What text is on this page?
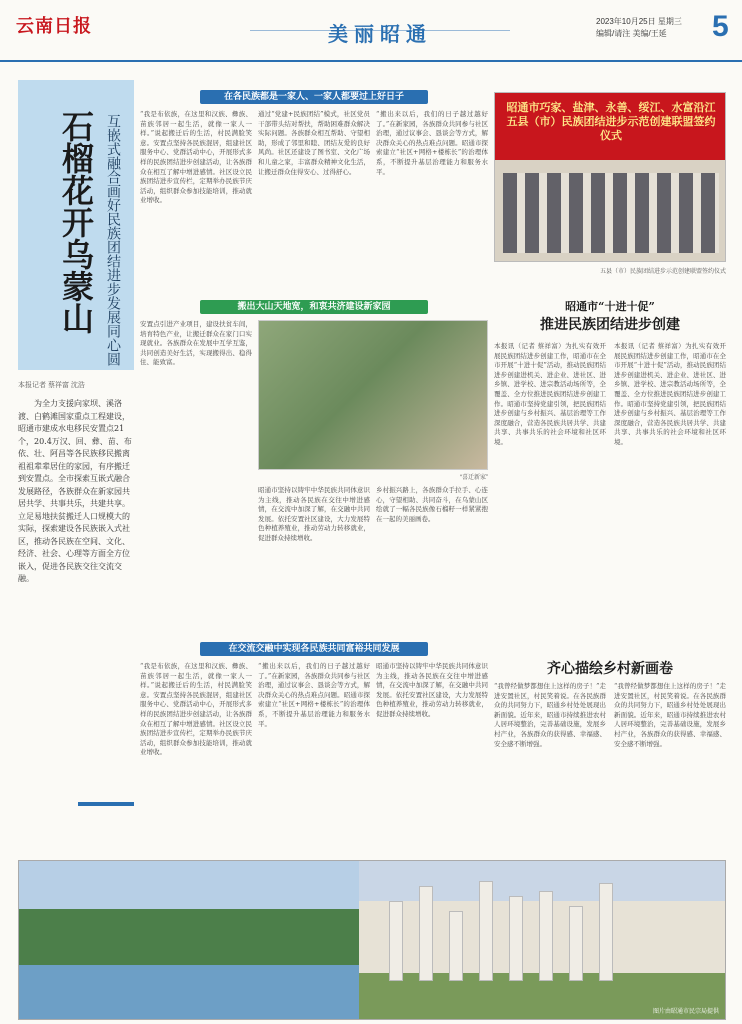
云南日报	美丽昭通
2023年10月25日 星期三
编辑/请注 美编/王延	5
石榴花开乌蒙山 互嵌式融合画好民族团结进步发展同心圆
本报记者 蔡祥富 沈浩
为全力支援向家坝、溪洛渡、白鹤滩国家重点工程建设，昭通市建成水电移民安置点21个，20.4万汉、回、彝、苗、布依、壮、阿昌等各民族移民搬离祖祖辈辈居住的家园，有序搬迁到安置点。全市探索互嵌式融合发展路径，各族群众在新家园共居共学、共事共乐，共建共享。立足易地扶贫搬迁人口规模大的实际，探索建设各民族嵌入式社区，推动各民族在空间、文化、经济、社会、心理等方面全方位嵌入，促进各民族交往交流交融。
在各民族都是一家人、一家人都要过上好日子
“我是布依族，在这里和汉族、彝族、苗族邻居一起生活，就像一家人一样。”说起搬迁后的生活，村民满脸笑意。安置点坚持各民族混居，组建社区服务中心、党群活动中心，开展形式多样的民族团结进步创建活动，让各族群众在相互了解中增进感情。社区设立民族团结进步宣传栏，定期举办民族节庆活动，组织群众参加技能培训，推动就业增收。
通过“党建+民族团结”模式，社区党员干部带头结对帮扶，帮助困难群众解决实际问题。各族群众相互帮助、守望相助，形成了邻里和睦、团结友爱的良好风尚。社区还建设了图书室、文化广场和儿童之家，丰富群众精神文化生活，让搬迁群众住得安心、过得舒心。
“搬出来以后，我们的日子越过越好了。”在新家园，各族群众共同参与社区治理，通过议事会、恳谈会等方式，解决群众关心的热点难点问题。昭通市探索建立“社区+网格+楼栋长”的治理体系，不断提升基层治理能力和服务水平。
搬出大山天地宽，和衷共济建设新家园
安置点引进产业项目，建设扶贫车间，培育特色产业，让搬迁群众在家门口实现就业。各族群众在发展中互学互鉴，共同创造美好生活，实现搬得出、稳得住、能致富。
“喜迁新家”
昭通市坚持以铸牢中华民族共同体意识为主线，推动各民族在交往中增进感情，在交流中加深了解，在交融中共同发展。依托安置社区建设，大力发展特色种植养殖业，推动劳动力转移就业，促进群众持续增收。
乡村振兴路上，各族群众手拉手、心连心，守望相助、共同奋斗，在乌蒙山区绘就了一幅各民族像石榴籽一样紧紧抱在一起的美丽画卷。
在交流交融中实现各民族共同富裕共同发展
“我是布依族，在这里和汉族、彝族、苗族邻居一起生活，就像一家人一样。”说起搬迁后的生活，村民满脸笑意。安置点坚持各民族混居，组建社区服务中心、党群活动中心，开展形式多样的民族团结进步创建活动，让各族群众在相互了解中增进感情。社区设立民族团结进步宣传栏，定期举办民族节庆活动，组织群众参加技能培训，推动就业增收。
“搬出来以后，我们的日子越过越好了。”在新家园，各族群众共同参与社区治理，通过议事会、恳谈会等方式，解决群众关心的热点难点问题。昭通市探索建立“社区+网格+楼栋长”的治理体系，不断提升基层治理能力和服务水平。
昭通市坚持以铸牢中华民族共同体意识为主线，推动各民族在交往中增进感情，在交流中加深了解，在交融中共同发展。依托安置社区建设，大力发展特色种植养殖业，推动劳动力转移就业，促进群众持续增收。
昭通市巧家、盐津、永善、绥江、水富沿江五县（市）民族团结进步示范创建联盟签约仪式
五县（市）民族团结进步示范创建联盟签约仪式
昭通市“十进十促”
推进民族团结进步创建
本报讯（记者 蔡祥富）为扎实有效开展民族团结进步创建工作，昭通市在全市开展“十进十促”活动，推动民族团结进步创建进机关、进企业、进社区、进乡镇、进学校、进宗教活动场所等，全覆盖、全方位推进民族团结进步创建工作。昭通市坚持党建引领，把民族团结进步创建与乡村振兴、基层治理等工作深度融合，营造各民族共居共学、共建共享、共事共乐的社会环境和社区环境。
本报讯（记者 蔡祥富）为扎实有效开展民族团结进步创建工作，昭通市在全市开展“十进十促”活动，推动民族团结进步创建进机关、进企业、进社区、进乡镇、进学校、进宗教活动场所等，全覆盖、全方位推进民族团结进步创建工作。昭通市坚持党建引领，把民族团结进步创建与乡村振兴、基层治理等工作深度融合，营造各民族共居共学、共建共享、共事共乐的社会环境和社区环境。
齐心描绘乡村新画卷
“我曾经做梦都想住上这样的房子！”走进安置社区，村民笑着说。在各民族群众的共同努力下，昭通乡村处处展现出新面貌。近年来，昭通市持续推进农村人居环境整治，完善基础设施，发展乡村产业，各族群众的获得感、幸福感、安全感不断增强。
“我曾经做梦都想住上这样的房子！”走进安置社区，村民笑着说。在各民族群众的共同努力下，昭通乡村处处展现出新面貌。近年来，昭通市持续推进农村人居环境整治，完善基础设施，发展乡村产业，各族群众的获得感、幸福感、安全感不断增强。
图片由昭通市民宗局提供
